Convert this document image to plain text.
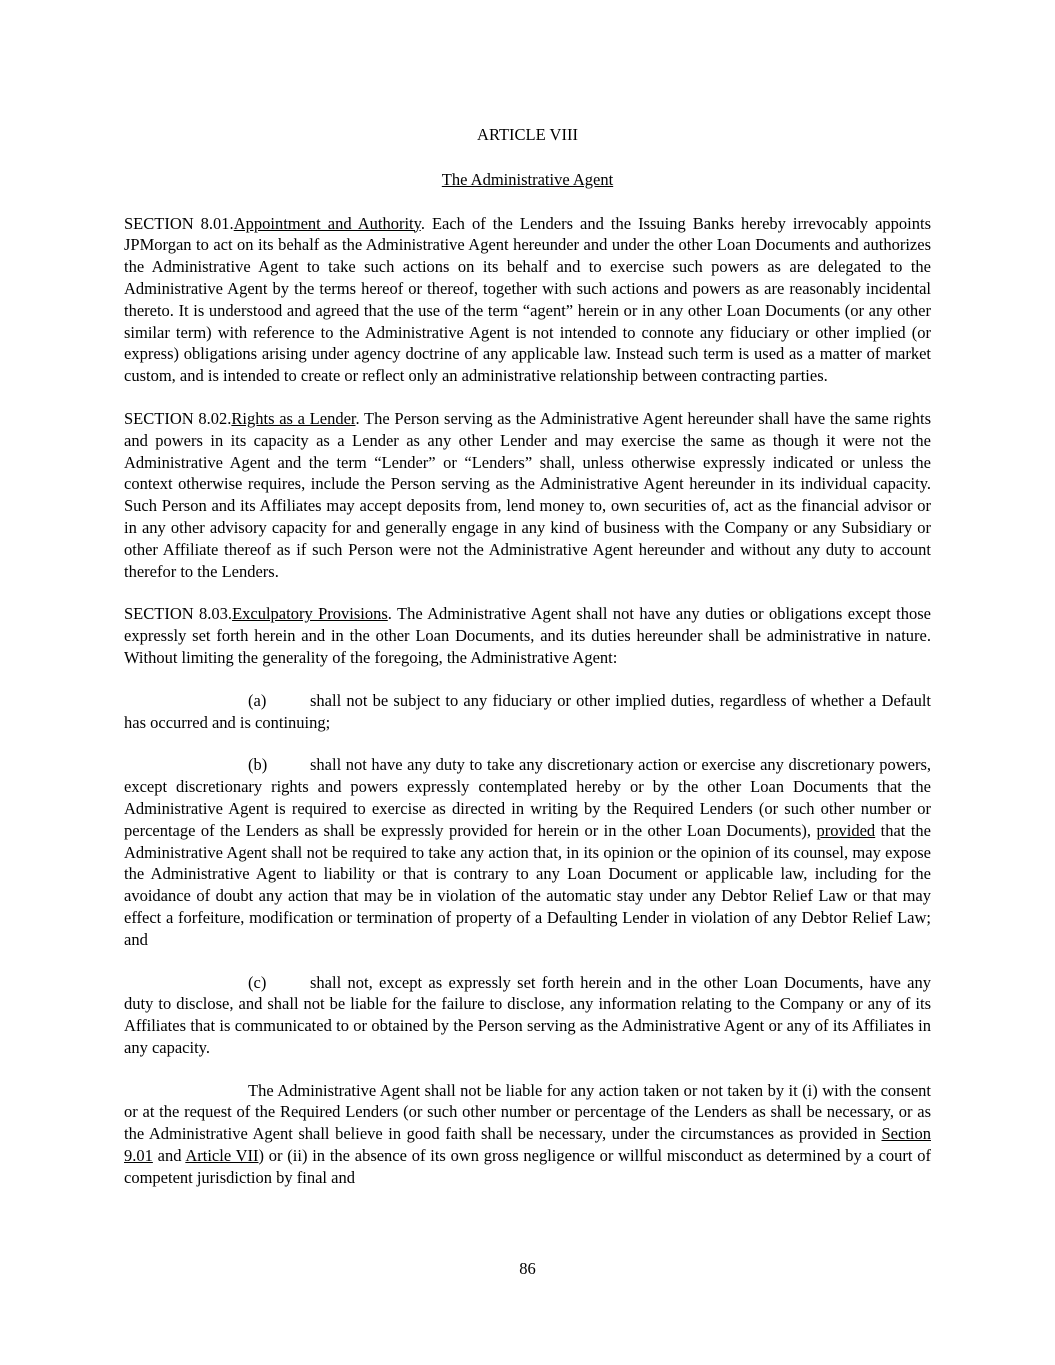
ARTICLE VIII
The Administrative Agent

SECTION 8.01.Appointment and Authority. Each of the Lenders and the Issuing Banks hereby irrevocably appoints JPMorgan to act on its behalf as the Administrative Agent hereunder and under the other Loan Documents and authorizes the Administrative Agent to take such actions on its behalf and to exercise such powers as are delegated to the Administrative Agent by the terms hereof or thereof, together with such actions and powers as are reasonably incidental thereto. It is understood and agreed that the use of the term “agent” herein or in any other Loan Documents (or any other similar term) with reference to the Administrative Agent is not intended to connote any fiduciary or other implied (or express) obligations arising under agency doctrine of any applicable law. Instead such term is used as a matter of market custom, and is intended to create or reflect only an administrative relationship between contracting parties.

SECTION 8.02.Rights as a Lender. The Person serving as the Administrative Agent hereunder shall have the same rights and powers in its capacity as a Lender as any other Lender and may exercise the same as though it were not the Administrative Agent and the term “Lender” or “Lenders” shall, unless otherwise expressly indicated or unless the context otherwise requires, include the Person serving as the Administrative Agent hereunder in its individual capacity. Such Person and its Affiliates may accept deposits from, lend money to, own securities of, act as the financial advisor or in any other advisory capacity for and generally engage in any kind of business with the Company or any Subsidiary or other Affiliate thereof as if such Person were not the Administrative Agent hereunder and without any duty to account therefor to the Lenders.

SECTION 8.03.Exculpatory Provisions. The Administrative Agent shall not have any duties or obligations except those expressly set forth herein and in the other Loan Documents, and its duties hereunder shall be administrative in nature. Without limiting the generality of the foregoing, the Administrative Agent:

(a)	shall not be subject to any fiduciary or other implied duties, regardless of whether a Default has occurred and is continuing;

(b)	shall not have any duty to take any discretionary action or exercise any discretionary powers, except discretionary rights and powers expressly contemplated hereby or by the other Loan Documents that the Administrative Agent is required to exercise as directed in writing by the Required Lenders (or such other number or percentage of the Lenders as shall be expressly provided for herein or in the other Loan Documents), provided that the Administrative Agent shall not be required to take any action that, in its opinion or the opinion of its counsel, may expose the Administrative Agent to liability or that is contrary to any Loan Document or applicable law, including for the avoidance of doubt any action that may be in violation of the automatic stay under any Debtor Relief Law or that may effect a forfeiture, modification or termination of property of a Defaulting Lender in violation of any Debtor Relief Law; and

(c)	shall not, except as expressly set forth herein and in the other Loan Documents, have any duty to disclose, and shall not be liable for the failure to disclose, any information relating to the Company or any of its Affiliates that is communicated to or obtained by the Person serving as the Administrative Agent or any of its Affiliates in any capacity.

The Administrative Agent shall not be liable for any action taken or not taken by it (i) with the consent or at the request of the Required Lenders (or such other number or percentage of the Lenders as shall be necessary, or as the Administrative Agent shall believe in good faith shall be necessary, under the circumstances as provided in Section 9.01 and Article VII) or (ii) in the absence of its own gross negligence or willful misconduct as determined by a court of competent jurisdiction by final and

86
